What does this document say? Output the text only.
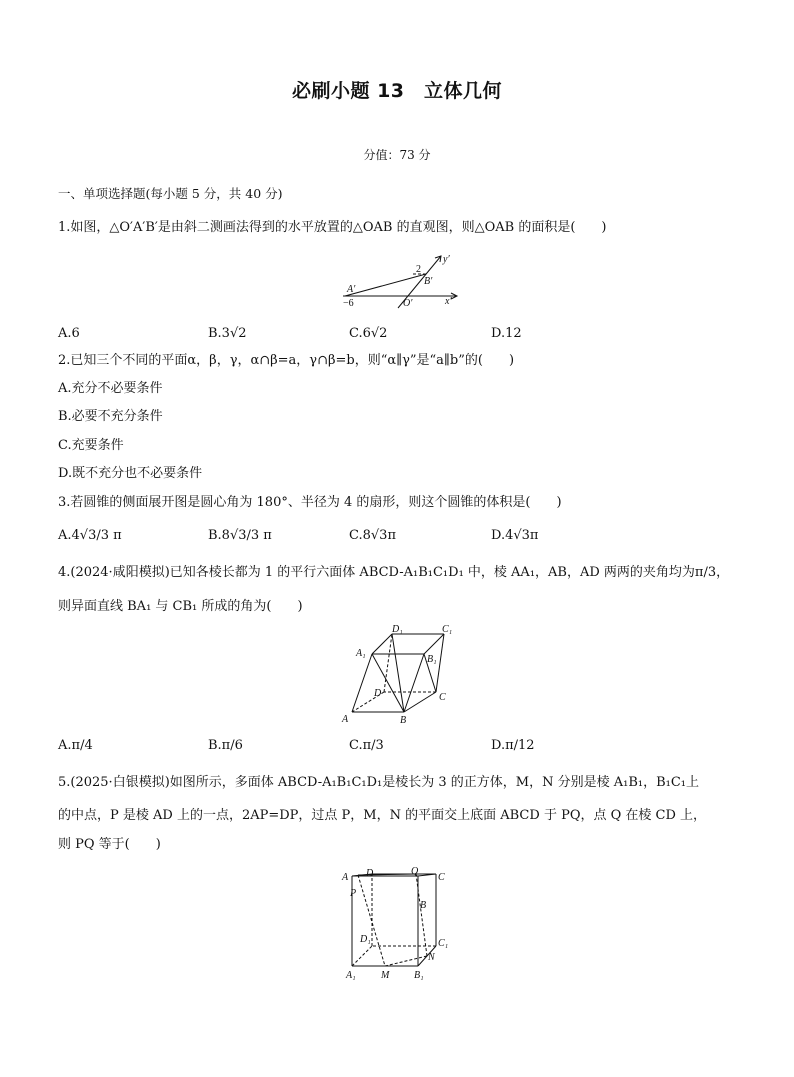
必刷小题 13　立体几何
分值：73 分
一、单项选择题(每小题 5 分，共 40 分)
1.如图，△O′A′B′是由斜二测画法得到的水平放置的△OAB 的直观图，则△OAB 的面积是(　　)
y′
x′
A′
B′
O′
−6
2
A.6	B.3√2	C.6√2	D.12
2.已知三个不同的平面α，β，γ，α∩β=a，γ∩β=b，则“α∥γ”是“a∥b”的(　　)
A.充分不必要条件
B.必要不充分条件
C.充要条件
D.既不充分也不必要条件
3.若圆锥的侧面展开图是圆心角为 180°、半径为 4 的扇形，则这个圆锥的体积是(　　)
A.4√3/3 π	B.8√3/3 π	C.8√3π	D.4√3π
4.(2024·咸阳模拟)已知各棱长都为 1 的平行六面体 ABCD-A₁B₁C₁D₁ 中，棱 AA₁，AB，AD 两两的夹角均为π/3，
则异面直线 BA₁ 与 CB₁ 所成的角为(　　)
A	B
C
D
A₁
B₁
C₁
D₁
A.π/4	B.π/6	C.π/3	D.π/12
5.(2025·白银模拟)如图所示，多面体 ABCD-A₁B₁C₁D₁是棱长为 3 的正方体，M，N 分别是棱 A₁B₁，B₁C₁上
的中点，P 是棱 AD 上的一点，2AP=DP，过点 P，M，N 的平面交上底面 ABCD 于 PQ，点 Q 在棱 CD 上，
则 PQ 等于(　　)
D	Q
C
P
A
B
D₁	C₁
N
A₁	M B₁
